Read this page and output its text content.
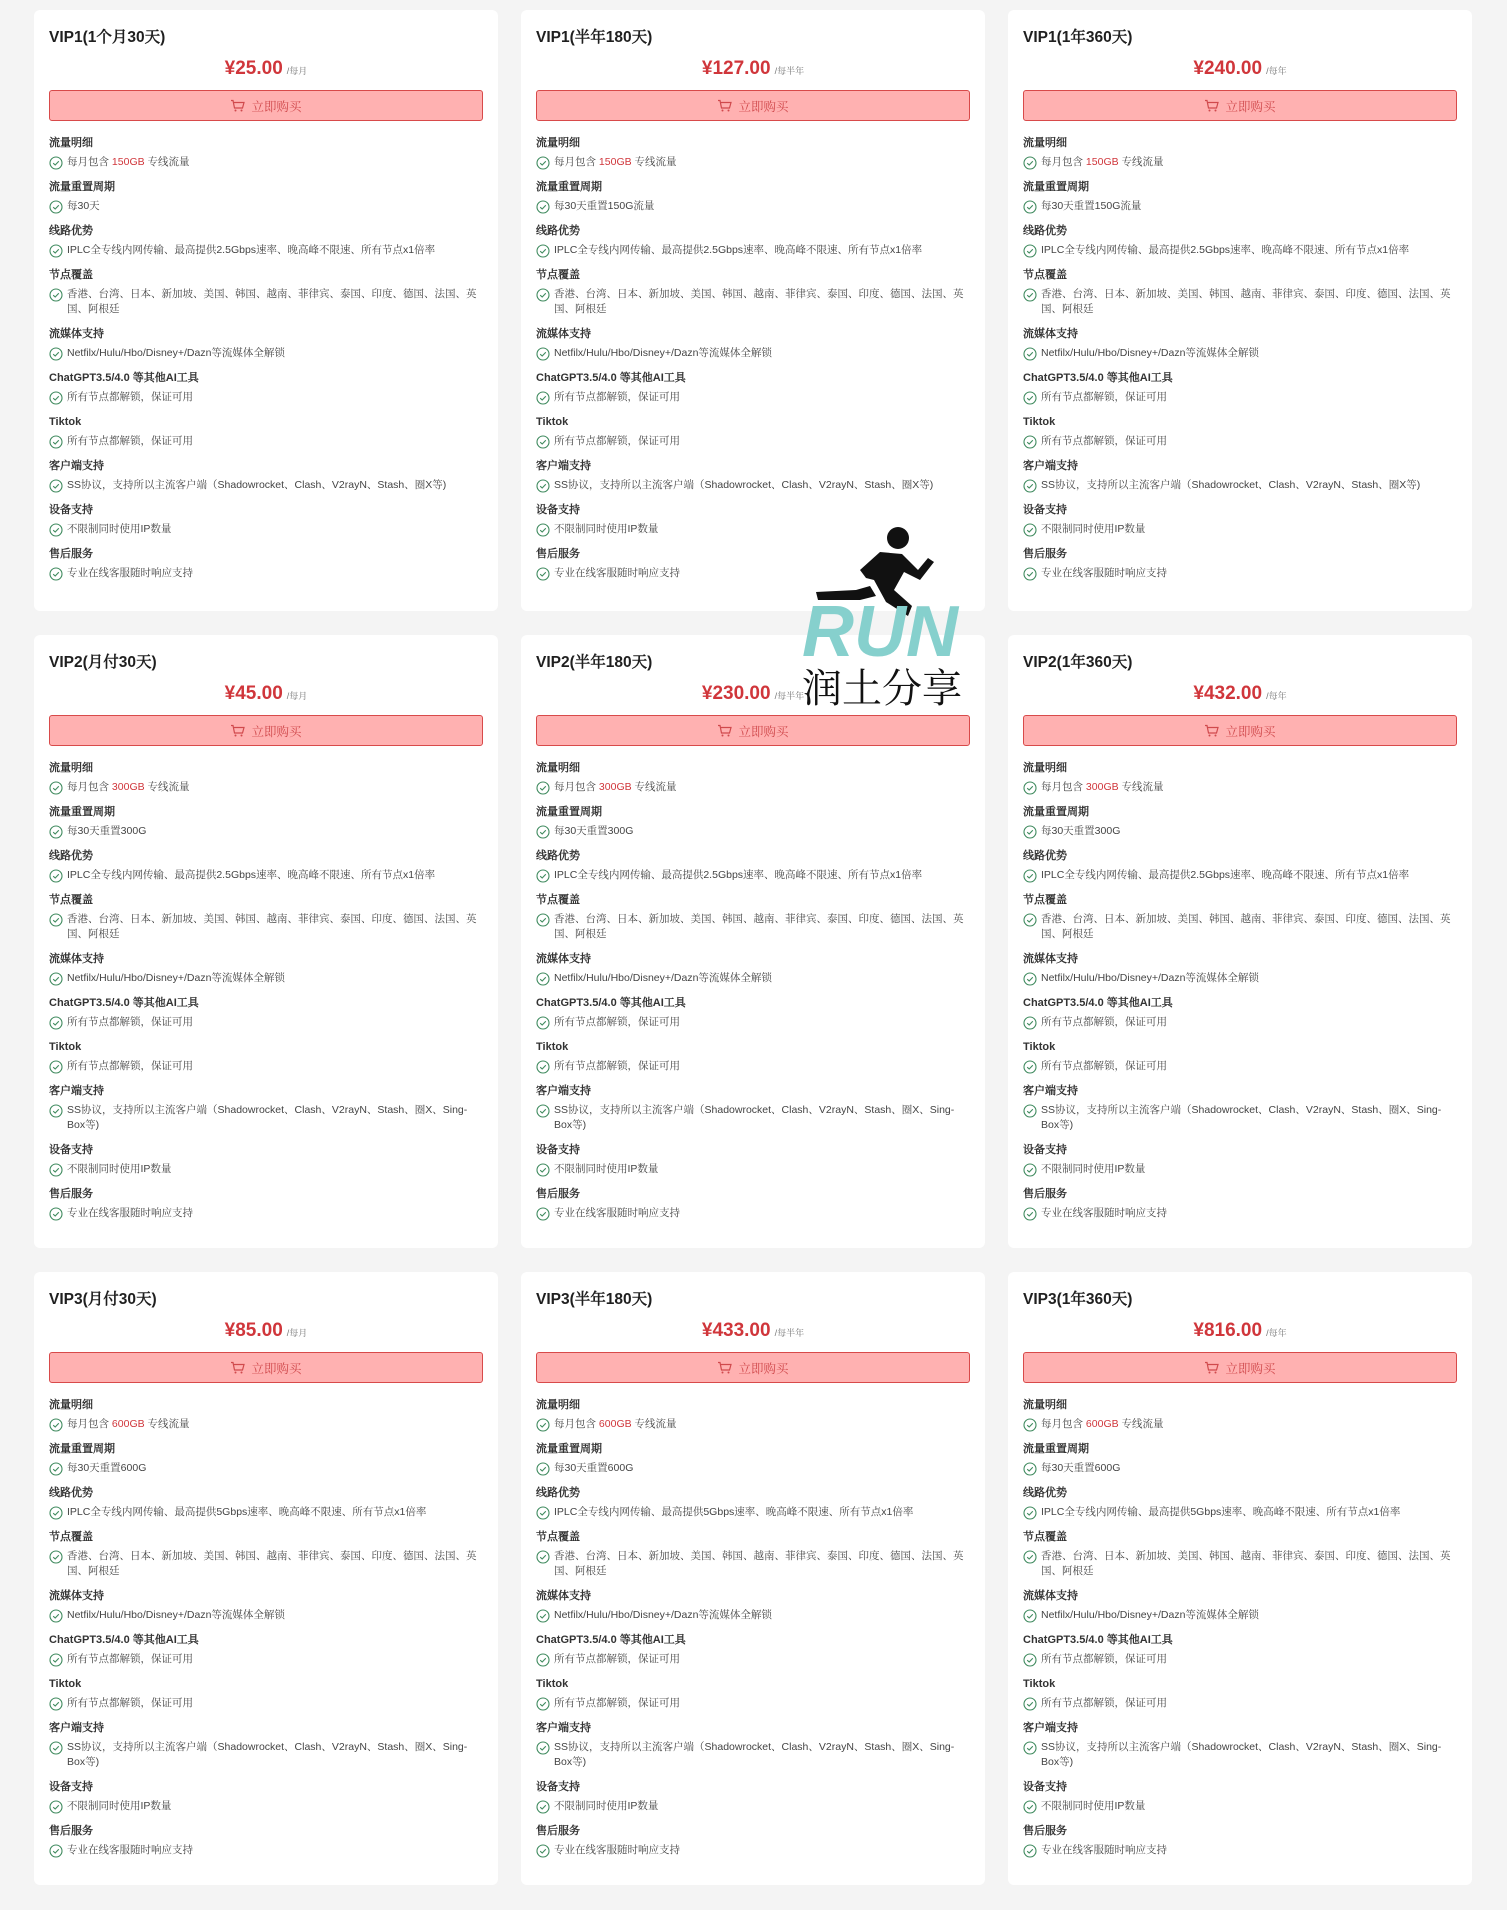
VIP1(1个月30天)
¥25.00 /每月
立即购买
流量明细
每月包含 150GB 专线流量
流量重置周期
每30天
线路优势
IPLC全专线内网传输、最高提供2.5Gbps速率、晚高峰不限速、所有节点x1倍率
节点覆盖
香港、台湾、日本、新加坡、美国、韩国、越南、菲律宾、泰国、印度、德国、法国、英国、阿根廷
流媒体支持
Netfilx/Hulu/Hbo/Disney+/Dazn等流媒体全解锁
ChatGPT3.5/4.0 等其他AI工具
所有节点都解锁，保证可用
Tiktok
所有节点都解锁，保证可用
客户端支持
SS协议，支持所以主流客户端（Shadowrocket、Clash、V2rayN、Stash、圈X等)
设备支持
不限制同时使用IP数量
售后服务
专业在线客服随时响应支持
VIP1(半年180天)
¥127.00 /每半年
立即购买
流量明细
每月包含 150GB 专线流量
流量重置周期
每30天重置150G流量
线路优势
IPLC全专线内网传输、最高提供2.5Gbps速率、晚高峰不限速、所有节点x1倍率
节点覆盖
香港、台湾、日本、新加坡、美国、韩国、越南、菲律宾、泰国、印度、德国、法国、英国、阿根廷
流媒体支持
Netfilx/Hulu/Hbo/Disney+/Dazn等流媒体全解锁
ChatGPT3.5/4.0 等其他AI工具
所有节点都解锁，保证可用
Tiktok
所有节点都解锁，保证可用
客户端支持
SS协议，支持所以主流客户端（Shadowrocket、Clash、V2rayN、Stash、圈X等)
设备支持
不限制同时使用IP数量
售后服务
专业在线客服随时响应支持
VIP1(1年360天)
¥240.00 /每年
立即购买
流量明细
每月包含 150GB 专线流量
流量重置周期
每30天重置150G流量
线路优势
IPLC全专线内网传输、最高提供2.5Gbps速率、晚高峰不限速、所有节点x1倍率
节点覆盖
香港、台湾、日本、新加坡、美国、韩国、越南、菲律宾、泰国、印度、德国、法国、英国、阿根廷
流媒体支持
Netfilx/Hulu/Hbo/Disney+/Dazn等流媒体全解锁
ChatGPT3.5/4.0 等其他AI工具
所有节点都解锁，保证可用
Tiktok
所有节点都解锁，保证可用
客户端支持
SS协议，支持所以主流客户端（Shadowrocket、Clash、V2rayN、Stash、圈X等)
设备支持
不限制同时使用IP数量
售后服务
专业在线客服随时响应支持
VIP2(月付30天)
¥45.00 /每月
立即购买
流量明细
每月包含 300GB 专线流量
流量重置周期
每30天重置300G
线路优势
IPLC全专线内网传输、最高提供2.5Gbps速率、晚高峰不限速、所有节点x1倍率
节点覆盖
香港、台湾、日本、新加坡、美国、韩国、越南、菲律宾、泰国、印度、德国、法国、英国、阿根廷
流媒体支持
Netfilx/Hulu/Hbo/Disney+/Dazn等流媒体全解锁
ChatGPT3.5/4.0 等其他AI工具
所有节点都解锁，保证可用
Tiktok
所有节点都解锁，保证可用
客户端支持
SS协议，支持所以主流客户端（Shadowrocket、Clash、V2rayN、Stash、圈X、Sing-Box等)
设备支持
不限制同时使用IP数量
售后服务
专业在线客服随时响应支持
VIP2(半年180天)
¥230.00 /每半年
立即购买
流量明细
每月包含 300GB 专线流量
流量重置周期
每30天重置300G
线路优势
IPLC全专线内网传输、最高提供2.5Gbps速率、晚高峰不限速、所有节点x1倍率
节点覆盖
香港、台湾、日本、新加坡、美国、韩国、越南、菲律宾、泰国、印度、德国、法国、英国、阿根廷
流媒体支持
Netfilx/Hulu/Hbo/Disney+/Dazn等流媒体全解锁
ChatGPT3.5/4.0 等其他AI工具
所有节点都解锁，保证可用
Tiktok
所有节点都解锁，保证可用
客户端支持
SS协议，支持所以主流客户端（Shadowrocket、Clash、V2rayN、Stash、圈X、Sing-Box等)
设备支持
不限制同时使用IP数量
售后服务
专业在线客服随时响应支持
VIP2(1年360天)
¥432.00 /每年
立即购买
流量明细
每月包含 300GB 专线流量
流量重置周期
每30天重置300G
线路优势
IPLC全专线内网传输、最高提供2.5Gbps速率、晚高峰不限速、所有节点x1倍率
节点覆盖
香港、台湾、日本、新加坡、美国、韩国、越南、菲律宾、泰国、印度、德国、法国、英国、阿根廷
流媒体支持
Netfilx/Hulu/Hbo/Disney+/Dazn等流媒体全解锁
ChatGPT3.5/4.0 等其他AI工具
所有节点都解锁，保证可用
Tiktok
所有节点都解锁，保证可用
客户端支持
SS协议，支持所以主流客户端（Shadowrocket、Clash、V2rayN、Stash、圈X、Sing-Box等)
设备支持
不限制同时使用IP数量
售后服务
专业在线客服随时响应支持
VIP3(月付30天)
¥85.00 /每月
立即购买
流量明细
每月包含 600GB 专线流量
流量重置周期
每30天重置600G
线路优势
IPLC全专线内网传输、最高提供5Gbps速率、晚高峰不限速、所有节点x1倍率
节点覆盖
香港、台湾、日本、新加坡、美国、韩国、越南、菲律宾、泰国、印度、德国、法国、英国、阿根廷
流媒体支持
Netfilx/Hulu/Hbo/Disney+/Dazn等流媒体全解锁
ChatGPT3.5/4.0 等其他AI工具
所有节点都解锁，保证可用
Tiktok
所有节点都解锁，保证可用
客户端支持
SS协议，支持所以主流客户端（Shadowrocket、Clash、V2rayN、Stash、圈X、Sing-Box等)
设备支持
不限制同时使用IP数量
售后服务
专业在线客服随时响应支持
VIP3(半年180天)
¥433.00 /每半年
立即购买
流量明细
每月包含 600GB 专线流量
流量重置周期
每30天重置600G
线路优势
IPLC全专线内网传输、最高提供5Gbps速率、晚高峰不限速、所有节点x1倍率
节点覆盖
香港、台湾、日本、新加坡、美国、韩国、越南、菲律宾、泰国、印度、德国、法国、英国、阿根廷
流媒体支持
Netfilx/Hulu/Hbo/Disney+/Dazn等流媒体全解锁
ChatGPT3.5/4.0 等其他AI工具
所有节点都解锁，保证可用
Tiktok
所有节点都解锁，保证可用
客户端支持
SS协议，支持所以主流客户端（Shadowrocket、Clash、V2rayN、Stash、圈X、Sing-Box等)
设备支持
不限制同时使用IP数量
售后服务
专业在线客服随时响应支持
VIP3(1年360天)
¥816.00 /每年
立即购买
流量明细
每月包含 600GB 专线流量
流量重置周期
每30天重置600G
线路优势
IPLC全专线内网传输、最高提供5Gbps速率、晚高峰不限速、所有节点x1倍率
节点覆盖
香港、台湾、日本、新加坡、美国、韩国、越南、菲律宾、泰国、印度、德国、法国、英国、阿根廷
流媒体支持
Netfilx/Hulu/Hbo/Disney+/Dazn等流媒体全解锁
ChatGPT3.5/4.0 等其他AI工具
所有节点都解锁，保证可用
Tiktok
所有节点都解锁，保证可用
客户端支持
SS协议，支持所以主流客户端（Shadowrocket、Clash、V2rayN、Stash、圈X、Sing-Box等)
设备支持
不限制同时使用IP数量
售后服务
专业在线客服随时响应支持
RUN
润土分享
